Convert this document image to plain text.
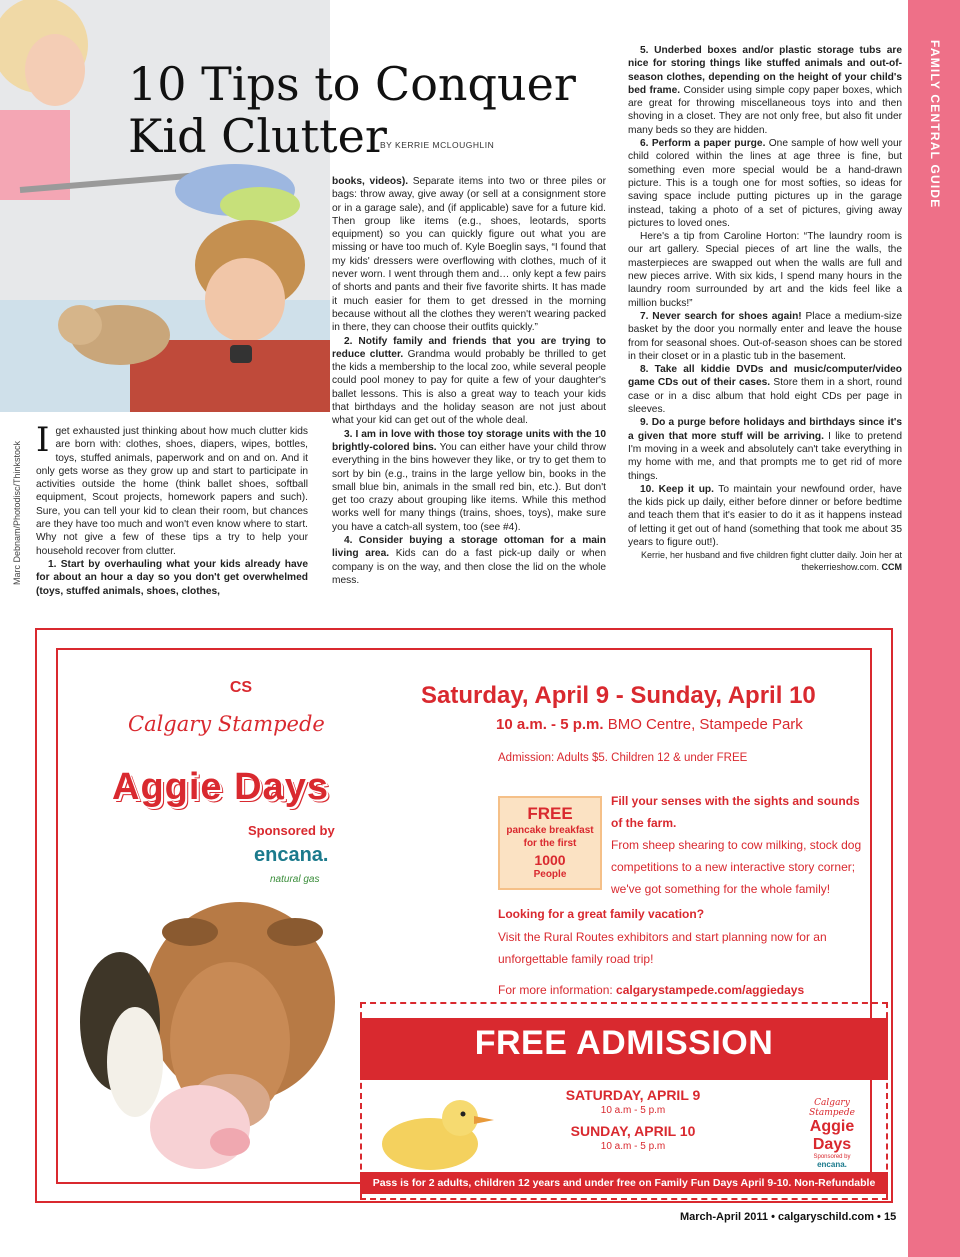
FAMILY CENTRAL GUIDE
Marc Debnam/Photodisc/Thinkstock
10 Tips to Conquer
Kid Clutter
BY KERRIE MCLOUGHLIN

Iget exhausted just thinking about how much clutter kids are born with: clothes, shoes, diapers, wipes, bottles, toys, stuffed animals, paperwork and on and on. And it only gets worse as they grow up and start to participate in activities outside the home (think ballet shoes, softball equipment, Scout projects, homework papers and such). Sure, you can tell your kid to clean their room, but chances are they have too much and won't even know where to start. Why not give a few of these tips a try to help your household recover from clutter.

1. Start by overhauling what your kids already have for about an hour a day so you don't get overwhelmed (toys, stuffed animals, shoes, clothes,

books, videos). Separate items into two or three piles or bags: throw away, give away (or sell at a consignment store or in a garage sale), and (if applicable) save for a future kid. Then group like items (e.g., shoes, leotards, sports equipment) so you can quickly figure out what you are missing or have too much of. Kyle Boeglin says, “I found that my kids' dressers were overflowing with clothes, much of it never worn. I went through them and… only kept a few pairs of shorts and pants and their five favorite shirts. It has made it much easier for them to get dressed in the morning because without all the clothes they weren't wearing packed in there, they can choose their outfits quickly.”

2. Notify family and friends that you are trying to reduce clutter. Grandma would probably be thrilled to get the kids a membership to the local zoo, while several people could pool money to pay for quite a few of your daughter's ballet lessons. This is also a great way to teach your kids that birthdays and the holiday season are not just about what your kid can get out of the whole deal.

3. I am in love with those toy storage units with the 10 brightly-colored bins. You can either have your child throw everything in the bins however they like, or try to get them to sort by bin (e.g., trains in the large yellow bin, books in the small blue bin, animals in the small red bin, etc.). But don't get too crazy about grouping like items. While this method works well for many things (trains, shoes, toys), make sure you have a catch-all system, too (see #4).

4. Consider buying a storage ottoman for a main living area. Kids can do a fast pick-up daily or when company is on the way, and then close the lid on the whole mess.

5. Underbed boxes and/or plastic storage tubs are nice for storing things like stuffed animals and out-of-season clothes, depending on the height of your child's bed frame. Consider using simple copy paper boxes, which are great for throwing miscellaneous toys into and then shoving in a closet. They are not only free, but also fit under many beds so they are hidden.

6. Perform a paper purge. One sample of how well your child colored within the lines at age three is fine, but something even more special would be a hand-drawn picture. This is a tough one for most softies, so ideas for saving space include putting pictures up in the garage instead, taking a photo of a set of pictures, giving away pictures to loved ones.

Here's a tip from Caroline Horton: “The laundry room is our art gallery. Special pieces of art line the walls, the masterpieces are swapped out when the walls are full and new pieces arrive. With six kids, I spend many hours in the laundry room surrounded by art and the kids feel like a million bucks!”

7. Never search for shoes again! Place a medium-size basket by the door you normally enter and leave the house from for seasonal shoes. Out-of-season shoes can be stored in their closet or in a plastic tub in the basement.

8. Take all kiddie DVDs and music/computer/video game CDs out of their cases. Store them in a short, round case or in a disc album that hold eight CDs per page in sleeves.

9. Do a purge before holidays and birthdays since it's a given that more stuff will be arriving. I like to pretend I'm moving in a week and absolutely can't take everything in my home with me, and that prompts me to get rid of more things.

10. Keep it up. To maintain your newfound order, have the kids pick up daily, either before dinner or before bedtime and teach them that it's easier to do it as it happens instead of letting it get out of hand (something that took me about 35 years to figure out!).

Kerrie, her husband and five children fight clutter daily. Join her at thekerrieshow.com. CCM

CS
Calgary Stampede
Aggie Days
Sponsored by
encana.
natural gas
Saturday, April 9 - Sunday, April 10
10 a.m. - 5 p.m. BMO Centre, Stampede Park
Admission: Adults $5. Children 12 & under FREE
FREE
pancake breakfast
for the first
1000
People
Fill your senses with the sights and sounds
of the farm.
From sheep shearing to cow milking, stock dog
competitions to a new interactive story corner;
we've got something for the whole family!
Looking for a great family vacation?
Visit the Rural Routes exhibitors and start planning now for an
unforgettable family road trip!
For more information: calgarystampede.com/aggiedays
FREE ADMISSION
SATURDAY, APRIL 9
10 a.m - 5 p.m
SUNDAY, APRIL 10
10 a.m - 5 p.m
Calgary Stampede
Aggie Days
Sponsored by
encana.
Pass is for 2 adults, children 12 years and under free on Family Fun Days April 9-10. Non-Refundable
March-April 2011 • calgaryschild.com • 15
